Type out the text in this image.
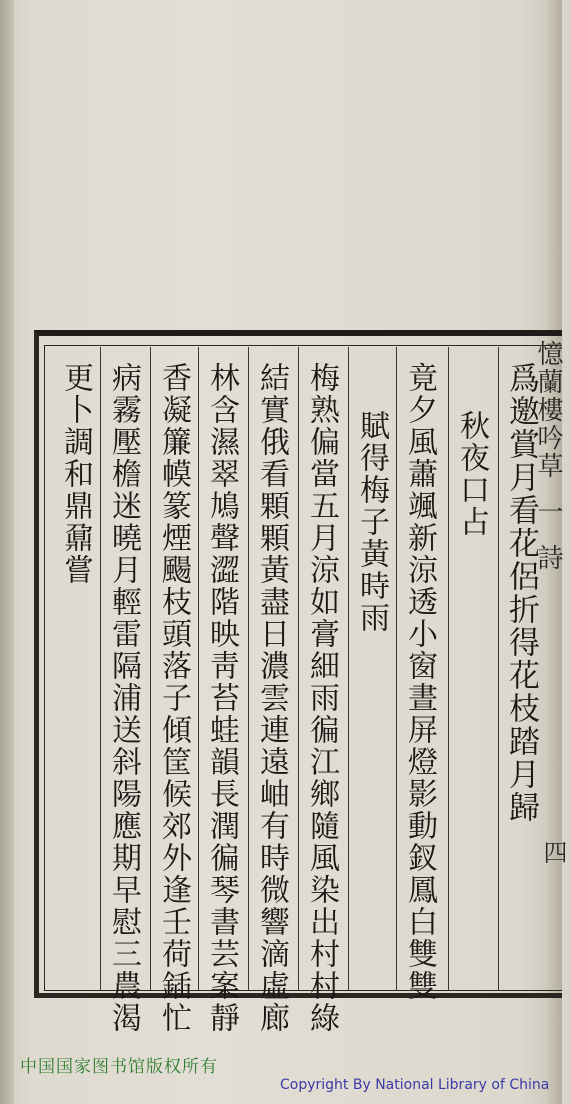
憶蘭樓吟草一詩
四
爲邀賞月看花侶折得花枝踏月歸
秋夜口占
竟夕風蕭颯新涼透小窗晝屏燈影動釵鳳白雙雙
賦得梅子黃時雨
梅熟偏當五月涼如膏細雨徧江鄉隨風染出村村綠
結實俄看顆顆黃盡日濃雲連遠岫有時微響滴虛廊
林含濕翠鳩聲澀階映靑苔蛙韻長潤徧琴書芸案靜
香凝簾幙篆煙颺枝頭落子傾筐候郊外逢壬荷鍤忙
病霧壓檐迷曉月輕雷隔浦送斜陽應期早慰三農渴
更卜調和鼎鼐嘗
中国国家图书馆版权所有
Copyright By National Library of China
